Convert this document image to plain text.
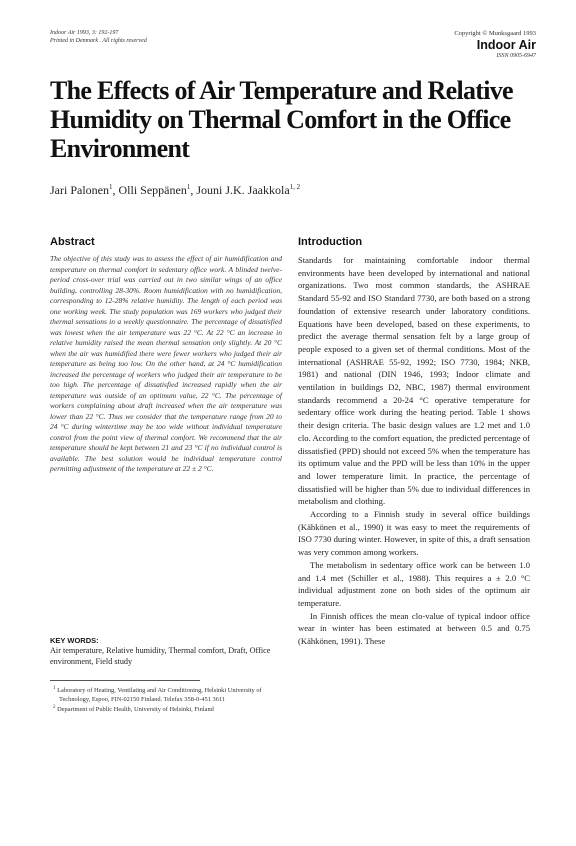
Indoor Air 1993, 3: 192-197
Printed in Denmark . All rights reserved
Copyright © Munksgaard 1993
Indoor Air
ISSN 0905-6947
The Effects of Air Temperature and Relative Humidity on Thermal Comfort in the Office Environment
Jari Palonen$^1$, Olli Seppänen$^1$, Jouni J.K. Jaakkola$^{1, 2}$
Abstract

The objective of this study was to assess the effect of air humidification and temperature on thermal comfort in sedentary office work. A blinded twelve-period cross-over trial was carried out in two similar wings of an office building, controlling 28-30%. Room humidification with no humidification, corresponding to 12-28% relative humidity. The length of each period was one working week. The study population was 169 workers who judged their thermal sensations in a weekly questionnaire. The percentage of dissatisfied was lowest when the air temperature was 22 °C. At 22 °C an increase in relative humidity raised the mean thermal sensation only slightly. At 20 °C when the air was humidified there were fewer workers who judged their air temperature as being too low. On the other hand, at 24 °C humidification increased the percentage of workers who judged their air temperature to be too high. The percentage of dissatisfied increased rapidly when the air temperature was outside of an optimum value, 22 °C. The percentage of workers complaining about draft increased when the air temperature was lower than 22 °C. Thus we consider that the temperature range from 20 to 24 °C during wintertime may be too wide without individual temperature control from the point view of thermal comfort. We recommend that the air temperature should be kept between 21 and 23 °C if no individual control is available. The best solution would be individual temperature control permitting adjustment of the temperature at 22 ± 2 °C.

KEY WORDS:
Air temperature, Relative humidity, Thermal comfort, Draft, Office environment, Field study

$^1$ Laboratory of Heating, Ventilating and Air Conditioning, Helsinki University of Technology, Espoo, FIN-02150 Finland. Telefax 358-0-451 3611

$^2$ Department of Public Health, University of Helsinki, Finland

Introduction

Standards for maintaining comfortable indoor thermal environments have been developed by international and national organizations. Two most common standards, the ASHRAE Standard 55-92 and ISO Standard 7730, are both based on a strong foundation of extensive research under laboratory conditions. Equations have been developed, based on these experiments, to predict the average thermal sensation felt by a large group of people exposed to a given set of thermal conditions. Most of the international (ASHRAE 55-92, 1992; ISO 7730, 1984; NKB, 1981) and national (DIN 1946, 1993; Indoor climate and ventilation in buildings D2, NBC, 1987) thermal environment standards recommend a 20-24 °C operative temperature for sedentary office work during the heating period. Table 1 shows their design criteria. The basic design values are 1.2 met and 1.0 clo. According to the comfort equation, the predicted percentage of dissatisfied (PPD) should not exceed 5% when the temperature has its optimum value and the PPD will be less than 10% in the upper and lower temperature limit. In practice, the percentage of dissatisfied will be higher than 5% due to individual differences in metabolism and clothing.

According to a Finnish study in several office buildings (Kähkönen et al., 1990) it was easy to meet the requirements of ISO 7730 during winter. However, in spite of this, a draft sensation was very common among workers.

The metabolism in sedentary office work can be between 1.0 and 1.4 met (Schiller et al., 1988). This requires a ± 2.0 °C individual adjustment zone on both sides of the optimum air temperature.

In Finnish offices the mean clo-value of typical indoor office wear in winter has been estimated at between 0.5 and 0.75 (Kähkönen, 1991). These
